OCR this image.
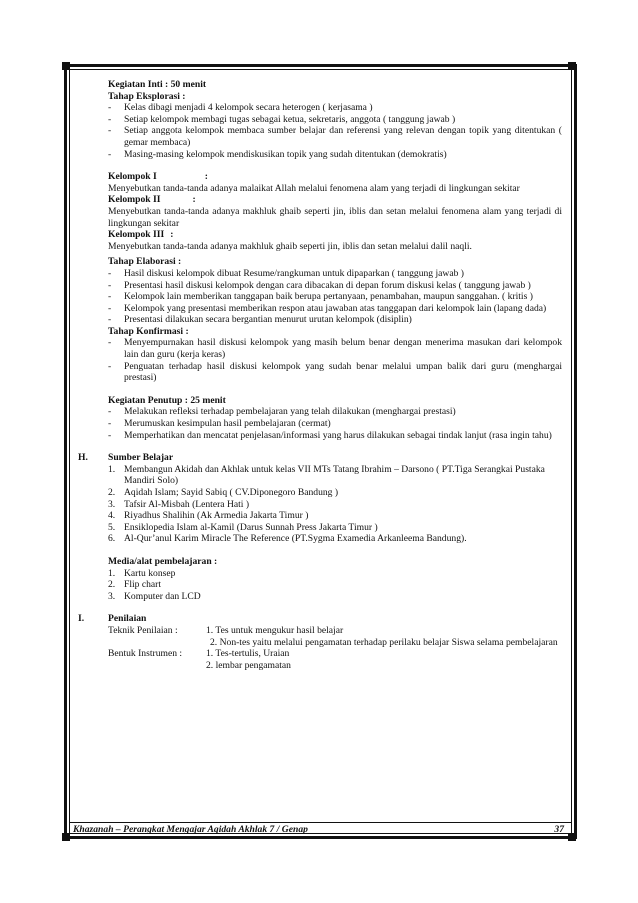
Kegiatan Inti : 50 menit
Tahap Eksplorasi :
- Kelas dibagi menjadi 4 kelompok secara heterogen ( kerjasama )
- Setiap kelompok membagi tugas sebagai ketua, sekretaris, anggota ( tanggung jawab )
- Setiap anggota kelompok membaca sumber belajar dan referensi yang relevan dengan topik yang ditentukan ( gemar membaca)
- Masing-masing kelompok mendiskusikan topik yang sudah ditentukan (demokratis)
Kelompok I	:
Menyebutkan tanda-tanda adanya malaikat Allah melalui fenomena alam yang terjadi di lingkungan sekitar
Kelompok II	:
Menyebutkan tanda-tanda adanya makhluk ghaib seperti jin, iblis dan setan melalui fenomena alam yang terjadi di lingkungan sekitar
Kelompok III :
Menyebutkan tanda-tanda adanya makhluk ghaib seperti jin, iblis dan setan melalui dalil naqli.
Tahap Elaborasi :
- Hasil diskusi kelompok dibuat Resume/rangkuman untuk dipaparkan ( tanggung jawab )
- Presentasi hasil diskusi kelompok dengan cara dibacakan di depan forum diskusi kelas ( tanggung jawab )
- Kelompok lain memberikan tanggapan baik berupa pertanyaan, penambahan, maupun sanggahan. ( kritis )
- Kelompok yang presentasi memberikan respon atau jawaban atas tanggapan dari kelompok lain (lapang dada)
- Presentasi dilakukan secara bergantian menurut urutan kelompok (disiplin)
Tahap Konfirmasi :
- Menyempurnakan hasil diskusi kelompok yang masih belum benar dengan menerima masukan dari kelompok lain dan guru (kerja keras)
- Penguatan terhadap hasil diskusi kelompok yang sudah benar melalui umpan balik dari guru (menghargai prestasi)
Kegiatan Penutup : 25 menit
- Melakukan refleksi terhadap pembelajaran yang telah dilakukan (menghargai prestasi)
- Merumuskan kesimpulan hasil pembelajaran (cermat)
- Memperhatikan dan mencatat penjelasan/informasi yang harus dilakukan sebagai tindak lanjut (rasa ingin tahu)
H. Sumber Belajar
1. Membangun Akidah dan Akhlak untuk kelas VII MTs Tatang Ibrahim – Darsono ( PT.Tiga Serangkai Pustaka Mandiri Solo)
2. Aqidah Islam; Sayid Sabiq ( CV.Diponegoro Bandung )
3. Tafsir Al-Misbah (Lentera Hati )
4. Riyadhus Shalihin (Ak Armedia Jakarta Timur )
5. Ensiklopedia Islam al-Kamil (Darus Sunnah Press Jakarta Timur )
6. Al-Qur’anul Karim Miracle The Reference (PT.Sygma Examedia Arkanleema Bandung).
Media/alat pembelajaran :
1. Kartu konsep
2. Flip chart
3. Komputer dan LCD
I. Penilaian
Teknik Penilaian :	1. Tes untuk mengukur hasil belajar
2. Non-tes yaitu melalui pengamatan terhadap perilaku belajar Siswa selama pembelajaran
Bentuk Instrumen :	1. Tes-tertulis, Uraian
2. lembar pengamatan
Khazanah – Perangkat Mengajar Aqidah Akhlak 7 / Genap	37
